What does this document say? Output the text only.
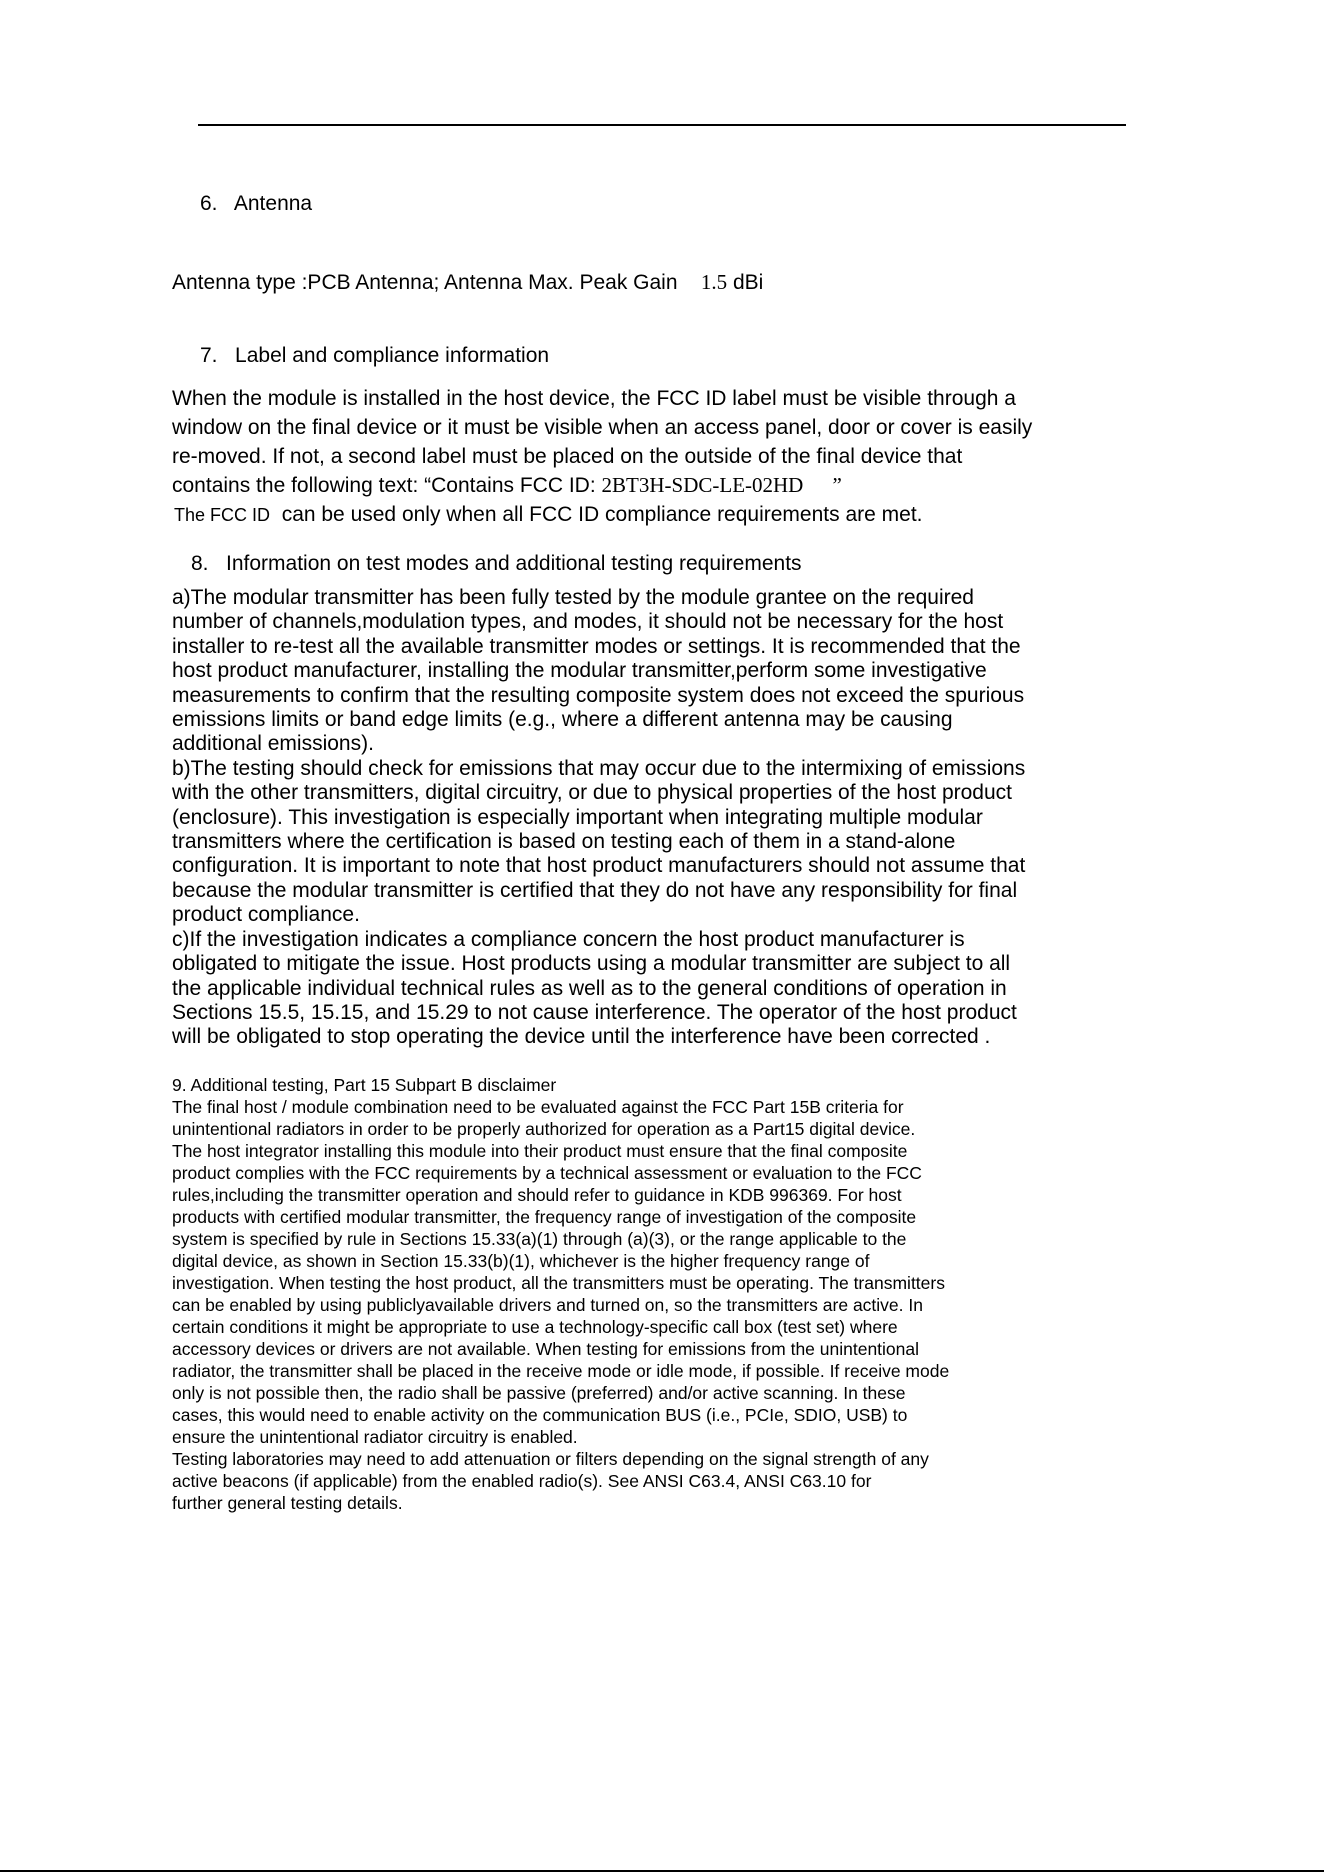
6. Antenna
Antenna type :PCB Antenna; Antenna Max. Peak Gain 1.5 dBi
7. Label and compliance information
When the module is installed in the host device, the FCC ID label must be visible through a
window on the final device or it must be visible when an access panel, door or cover is easily
re-moved. If not, a second label must be placed on the outside of the final device that
contains the following text: “Contains FCC ID: 2BT3H-SDC-LE-02HD ”
The FCC ID can be used only when all FCC ID compliance requirements are met.
8. Information on test modes and additional testing requirements
a)The modular transmitter has been fully tested by the module grantee on the required
number of channels,modulation types, and modes, it should not be necessary for the host
installer to re-test all the available transmitter modes or settings. It is recommended that the
host product manufacturer, installing the modular transmitter,perform some investigative
measurements to confirm that the resulting composite system does not exceed the spurious
emissions limits or band edge limits (e.g., where a different antenna may be causing
additional emissions).
b)The testing should check for emissions that may occur due to the intermixing of emissions
with the other transmitters, digital circuitry, or due to physical properties of the host product
(enclosure). This investigation is especially important when integrating multiple modular
transmitters where the certification is based on testing each of them in a stand-alone
configuration. It is important to note that host product manufacturers should not assume that
because the modular transmitter is certified that they do not have any responsibility for final
product compliance.
c)If the investigation indicates a compliance concern the host product manufacturer is
obligated to mitigate the issue. Host products using a modular transmitter are subject to all
the applicable individual technical rules as well as to the general conditions of operation in
Sections 15.5, 15.15, and 15.29 to not cause interference. The operator of the host product
will be obligated to stop operating the device until the interference have been corrected .
9. Additional testing, Part 15 Subpart B disclaimer
The final host / module combination need to be evaluated against the FCC Part 15B criteria for
unintentional radiators in order to be properly authorized for operation as a Part15 digital device.
The host integrator installing this module into their product must ensure that the final composite
product complies with the FCC requirements by a technical assessment or evaluation to the FCC
rules,including the transmitter operation and should refer to guidance in KDB 996369. For host
products with certified modular transmitter, the frequency range of investigation of the composite
system is specified by rule in Sections 15.33(a)(1) through (a)(3), or the range applicable to the
digital device, as shown in Section 15.33(b)(1), whichever is the higher frequency range of
investigation. When testing the host product, all the transmitters must be operating. The transmitters
can be enabled by using publiclyavailable drivers and turned on, so the transmitters are active. In
certain conditions it might be appropriate to use a technology-specific call box (test set) where
accessory devices or drivers are not available. When testing for emissions from the unintentional
radiator, the transmitter shall be placed in the receive mode or idle mode, if possible. If receive mode
only is not possible then, the radio shall be passive (preferred) and/or active scanning. In these
cases, this would need to enable activity on the communication BUS (i.e., PCIe, SDIO, USB) to
ensure the unintentional radiator circuitry is enabled.
Testing laboratories may need to add attenuation or filters depending on the signal strength of any
active beacons (if applicable) from the enabled radio(s). See ANSI C63.4, ANSI C63.10 for
further general testing details.
